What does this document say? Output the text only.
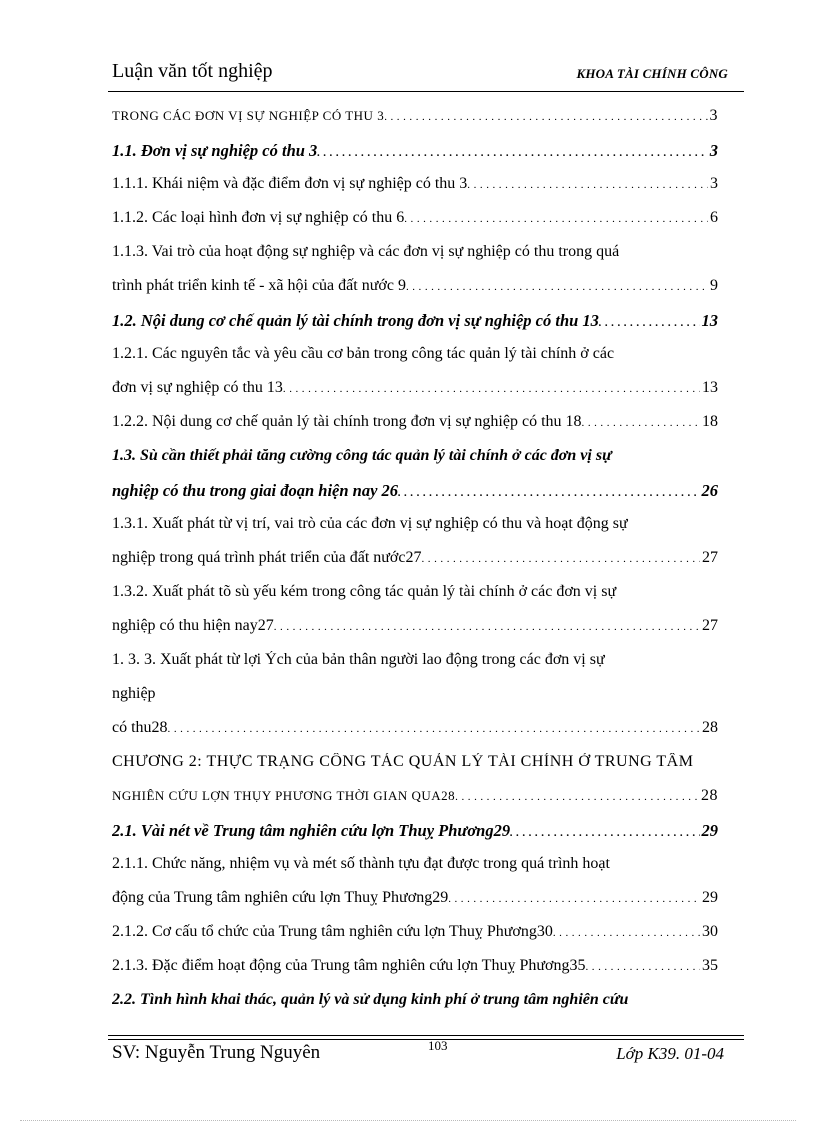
Luận văn tốt nghiệp	KHOA TÀI CHÍNH CÔNG
TRONG CÁC ĐƠN VỊ SỰ NGHIỆP CÓ THU 3 . . .	3
1.1. Đơn vị sự nghiệp có thu 3 . . .	3
1.1.1. Khái niệm và đặc điểm đơn vị sự nghiệp có thu 3 . . .	3
1.1.2. Các loại hình đơn vị sự nghiệp có thu 6 . . .	6
1.1.3. Vai trò của hoạt động sự nghiệp và các đơn vị sự nghiệp có thu trong quá
trình phát triển kinh tế - xã hội của đất nước 9 . . .	9
1.2. Nội dung cơ chế quản lý tài chính trong đơn vị sự nghiệp có thu 13 . . .	13
1.2.1. Các nguyên tắc và yêu cầu cơ bản trong công tác quản lý tài chính ở các
đơn vị sự nghiệp có thu 13 . . .	13
1.2.2. Nội dung cơ chế quản lý tài chính trong đơn vị sự nghiệp có thu 18 . . .	18
1.3. Sù cần thiết phải tăng cường công tác quản lý tài chính ở các đơn vị sự
nghiệp có thu trong giai đoạn hiện nay 26 . . .	26
1.3.1. Xuất phát từ vị trí, vai trò của các đơn vị sự nghiệp có thu và hoạt động sự
nghiệp trong quá trình phát triển của đất nước27 . . .	27
1.3.2. Xuất phát tõ sù yếu kém trong công tác quản lý tài chính ở các đơn vị sự
nghiệp có thu hiện nay27 . . .	27
1. 3. 3. Xuất phát từ lợi Ých của bản thân người lao động trong các đơn vị sự
nghiệp
có thu28 . . .	28
CHƯƠNG 2: THỰC TRẠNG CÔNG TÁC QUẢN LÝ TÀI CHÍNH Ở TRUNG TÂM
NGHIÊN CỨU LỢN THỤY PHƯƠNG THỜI GIAN QUA28 . . .	28
2.1. Vài nét về Trung tâm nghiên cứu lợn Thuỵ Phương29 . . .	29
2.1.1. Chức năng, nhiệm vụ và mét số thành tựu đạt được trong quá trình hoạt
động của Trung tâm nghiên cứu lợn Thuỵ Phương29 . . .	29
2.1.2. Cơ cấu tổ chức của Trung tâm nghiên cứu lợn Thuỵ Phương30 . . .	30
2.1.3. Đặc điểm hoạt động của Trung tâm nghiên cứu lợn Thuỵ Phương35 . . .	35
2.2. Tình hình khai thác, quản lý và sử dụng kinh phí ở trung tâm nghiên cứu
SV: Nguyễn Trung Nguyên	103	Lớp K39. 01-04
